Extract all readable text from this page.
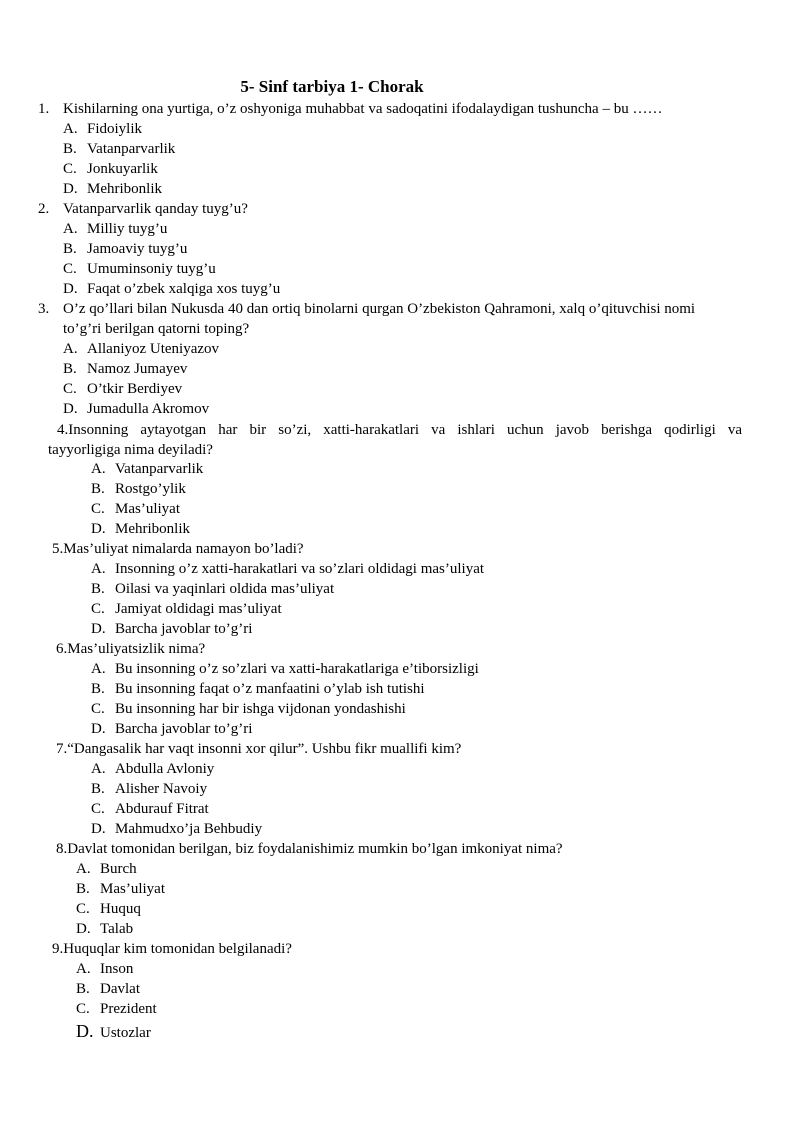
5- Sinf tarbiya 1- Chorak
1. Kishilarning ona yurtiga, o’z oshyoniga muhabbat va sadoqatini ifodalaydigan tushuncha – bu ……
A. Fidoiylik
B. Vatanparvarlik
C. Jonkuyarlik
D. Mehribonlik
2. Vatanparvarlik qanday tuyg’u?
A. Milliy tuyg’u
B. Jamoaviy tuyg’u
C. Umuminsoniy tuyg’u
D. Faqat o’zbek xalqiga xos tuyg’u
3. O’z qo’llari bilan Nukusda 40 dan ortiq binolarni qurgan O’zbekiston Qahramoni, xalq o’qituvchisi nomi
to’g’ri berilgan qatorni toping?
A. Allaniyoz Uteniyazov
B. Namoz Jumayev
C. O’tkir Berdiyev
D. Jumadulla Akromov
4.Insonning aytayotgan har bir so’zi, xatti-harakatlari va ishlari uchun javob berishga qodirligi va
tayyorligiga nima deyiladi?
A. Vatanparvarlik
B. Rostgo’ylik
C. Mas’uliyat
D. Mehribonlik
5.Mas’uliyat nimalarda namayon bo’ladi?
A. Insonning o’z xatti-harakatlari va so’zlari oldidagi mas’uliyat
B. Oilasi va yaqinlari oldida mas’uliyat
C. Jamiyat oldidagi mas’uliyat
D. Barcha javoblar to’g’ri
6.Mas’uliyatsizlik nima?
A. Bu insonning o’z so’zlari va xatti-harakatlariga e’tiborsizligi
B. Bu insonning faqat o’z manfaatini o’ylab ish tutishi
C. Bu insonning har bir ishga vijdonan yondashishi
D. Barcha javoblar to’g’ri
7.“Dangasalik har vaqt insonni xor qilur”. Ushbu fikr muallifi kim?
A. Abdulla Avloniy
B. Alisher Navoiy
C. Abdurauf Fitrat
D. Mahmudxo’ja Behbudiy
8.Davlat tomonidan berilgan, biz foydalanishimiz mumkin bo’lgan imkoniyat nima?
A. Burch
B. Mas’uliyat
C. Huquq
D. Talab
9.Huquqlar kim tomonidan belgilanadi?
A. Inson
B. Davlat
C. Prezident
D. Ustozlar
